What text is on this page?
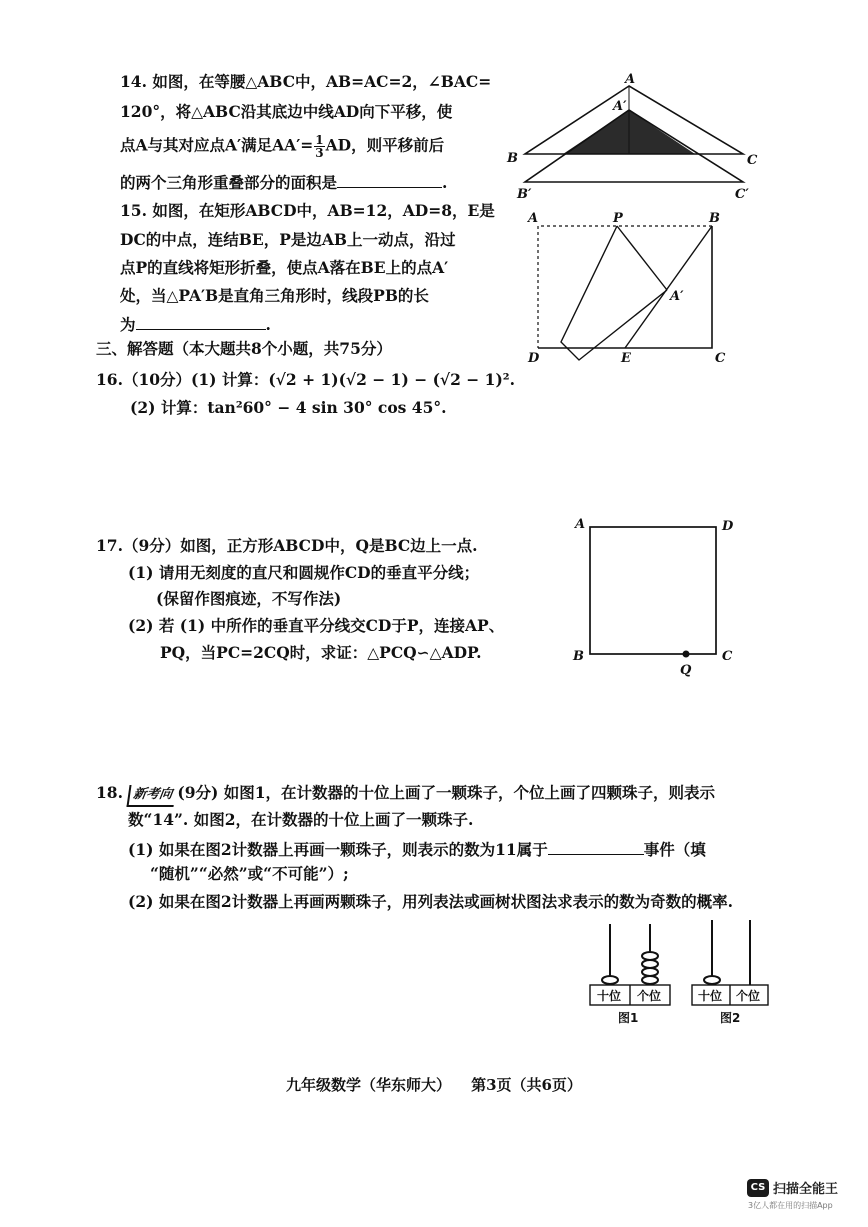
14. 如图，在等腰△ABC中，AB=AC=2，∠BAC=
120°，将△ABC沿其底边中线AD向下平移，使
点A与其对应点A′满足$AA'= \frac{1}{3}$ AD，则平移前后
的两个三角形重叠部分的面积是	.
A
A′
B	C
B′	C′
15. 如图，在矩形ABCD中，AB=12，AD=8，E是
DC的中点，连结BE，P是边AB上一动点，沿过
点P的直线将矩形折叠，使点A落在BE上的点A′
处，当△PA′B是直角三角形时，线段PB的长
为	.
A	P	B
A′
D	E	C
三、解答题（本大题共8个小题，共75分）
16.（10分）(1) 计算：(√2 + 1)(√2 − 1) − (√2 − 1)².
(2) 计算：tan²60° − 4 sin 30° cos 45°.
17.（9分）如图，正方形ABCD中，Q是BC边上一点.
(1) 请用无刻度的直尺和圆规作CD的垂直平分线；
(保留作图痕迹，不写作法)
(2) 若 (1) 中所作的垂直平分线交CD于P，连接AP、
PQ，当PC=2CQ时，求证：△PCQ∽△ADP.
A	D
B	C
Q
18. 新考向 (9分) 如图1，在计数器的十位上画了一颗珠子，个位上画了四颗珠子，则表示
数“14”. 如图2，在计数器的十位上画了一颗珠子.
(1) 如果在图2计数器上再画一颗珠子，则表示的数为11属于	事件（填
“随机”“必然”或“不可能”）;
(2) 如果在图2计数器上再画两颗珠子，用列表法或画树状图法求表示的数为奇数的概率.
十位 个位
图1
十位 个位
图2
九年级数学（华东师大） 第3页（共6页）
CS 扫描全能王
3亿人都在用的扫描App
